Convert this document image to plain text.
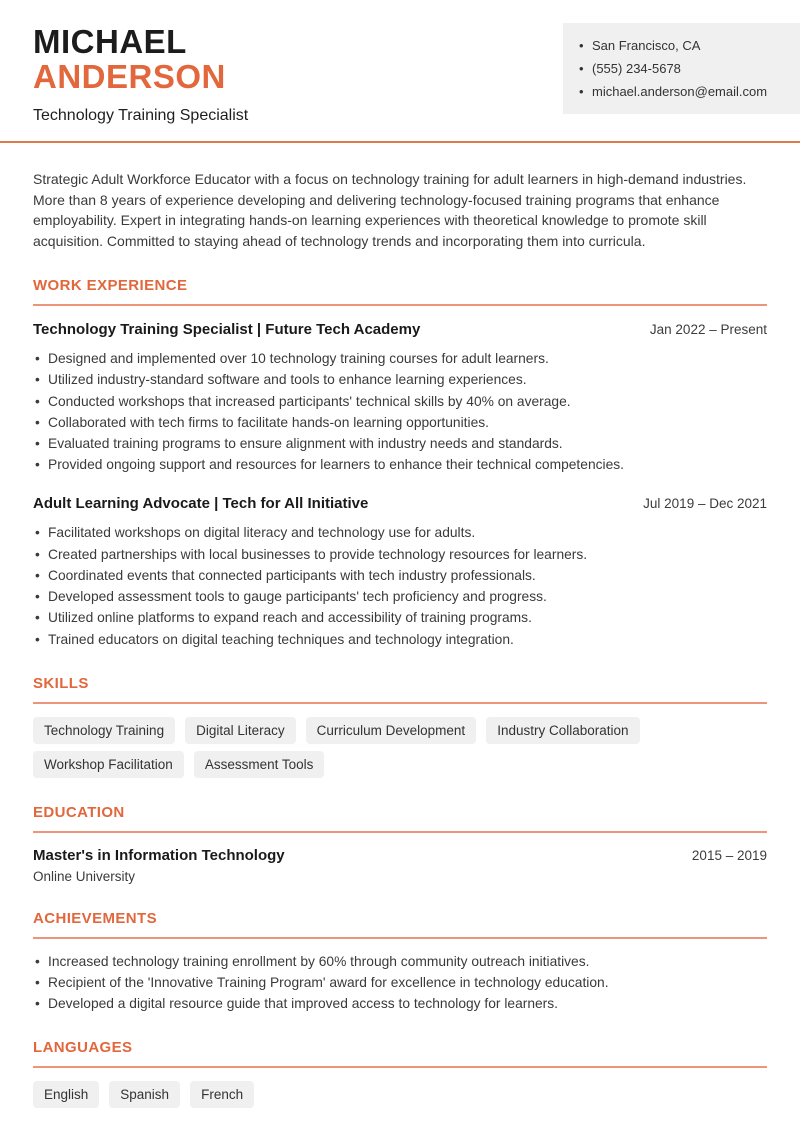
MICHAEL
ANDERSON
Technology Training Specialist
• San Francisco, CA
• (555) 234-5678
• michael.anderson@email.com

Strategic Adult Workforce Educator with a focus on technology training for adult learners in high-demand industries. More than 8 years of experience developing and delivering technology-focused training programs that enhance employability. Expert in integrating hands-on learning experiences with theoretical knowledge to promote skill acquisition. Committed to staying ahead of technology trends and incorporating them into curricula.

WORK EXPERIENCE
Technology Training Specialist | Future Tech Academy	Jan 2022 – Present
• Designed and implemented over 10 technology training courses for adult learners.
• Utilized industry-standard software and tools to enhance learning experiences.
• Conducted workshops that increased participants' technical skills by 40% on average.
• Collaborated with tech firms to facilitate hands-on learning opportunities.
• Evaluated training programs to ensure alignment with industry needs and standards.
• Provided ongoing support and resources for learners to enhance their technical competencies.
Adult Learning Advocate | Tech for All Initiative	Jul 2019 – Dec 2021
• Facilitated workshops on digital literacy and technology use for adults.
• Created partnerships with local businesses to provide technology resources for learners.
• Coordinated events that connected participants with tech industry professionals.
• Developed assessment tools to gauge participants' tech proficiency and progress.
• Utilized online platforms to expand reach and accessibility of training programs.
• Trained educators on digital teaching techniques and technology integration.
SKILLS
Technology Training	Digital Literacy	Curriculum Development	Industry Collaboration
Workshop Facilitation	Assessment Tools
EDUCATION
Master's in Information Technology	2015 – 2019
Online University
ACHIEVEMENTS
• Increased technology training enrollment by 60% through community outreach initiatives.
• Recipient of the 'Innovative Training Program' award for excellence in technology education.
• Developed a digital resource guide that improved access to technology for learners.
LANGUAGES
English	Spanish	French
